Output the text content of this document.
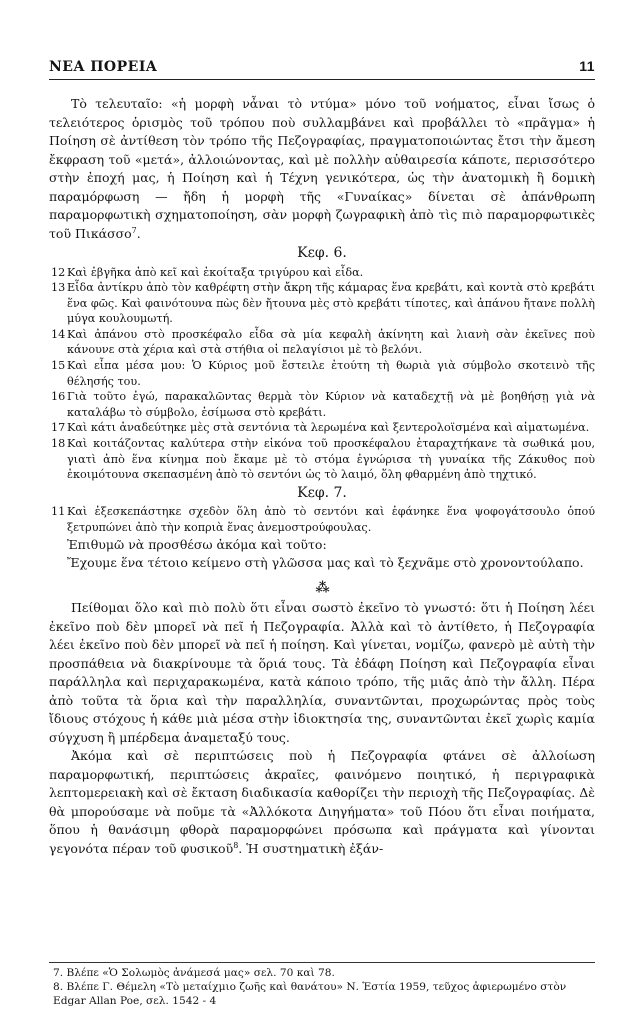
ΝΕΑ ΠΟΡΕΙΑ	11

Τὸ τελευταῖο: «ἡ μορφὴ νἆναι τὸ ντύμα» μόνο τοῦ νοήματος, εἶναι ἴσως ὁ τελειότερος ὁρισμὸς τοῦ τρόπου ποὺ συλλαμβάνει καὶ προβάλλει τὸ «πρᾶγμα» ἡ Ποίηση σὲ ἀντίθεση τὸν τρόπο τῆς Πεζογραφίας, πραγματοποιώντας ἔτσι τὴν ἄμεση ἔκφραση τοῦ «μετά», ἀλλοιώνοντας, καὶ μὲ πολλὴν αὐθαιρεσία κάποτε, περισσότερο στὴν ἐποχή μας, ἡ Ποίηση καὶ ἡ Τέχνη γενικότερα, ὡς τὴν ἀνατομικὴ ἢ δομικὴ παραμόρφωση — ἤδη ἡ μορφὴ τῆς «Γυναίκας» δίνεται σὲ ἀπάνθρωπη παραμορφωτικὴ σχηματοποίηση, σὰν μορφὴ ζωγραφικὴ ἀπὸ τὶς πιὸ παραμορφωτικὲς τοῦ Πικάσσο$^7$.

Κεφ. 6.
12 Καὶ ἐβγῆκα ἀπὸ κεῖ καὶ ἐκοίταξα τριγύρου καὶ εἶδα.
13 Εἶδα ἀντίκρυ ἀπὸ τὸν καθρέφτη στὴν ἄκρη τῆς κάμαρας ἕνα κρεβάτι, καὶ κοντὰ στὸ κρεβάτι ἕνα φῶς. Καὶ φαινότουνα πὼς δὲν ἤτουνα μὲς στὸ κρεβάτι τίποτες, καὶ ἀπάνου ἤτανε πολλὴ μύγα κουλουμωτή.
14 Καὶ ἀπάνου στὸ προσκέφαλο εἶδα σὰ μία κεφαλὴ ἀκίνητη καὶ λιανὴ σὰν ἐκεῖνες ποὺ κάνουνε στὰ χέρια καὶ στὰ στήθια οἱ πελαγίσιοι μὲ τὸ βελόνι.
15 Καὶ εἶπα μέσα μου: Ὁ Κύριος μοῦ ἔστειλε ἐτούτη τὴ θωριὰ γιὰ σύμβολο σκοτεινὸ τῆς θέλησής του.
16 Γιὰ τοῦτο ἐγώ, παρακαλῶντας θερμὰ τὸν Κύριον νὰ καταδεχτῇ νὰ μὲ βοηθήσῃ γιὰ νὰ καταλάβω τὸ σύμβολο, ἐσίμωσα στὸ κρεβάτι.
17 Καὶ κάτι ἀναδεύτηκε μὲς στὰ σεντόνια τὰ λερωμένα καὶ ξεντερολοϊσμένα καὶ αἱματωμένα.
18 Καὶ κοιτάζοντας καλύτερα στὴν εἰκόνα τοῦ προσκέφαλου ἐταραχτήκανε τὰ σωθικά μου, γιατὶ ἀπὸ ἕνα κίνημα ποὺ ἔκαμε μὲ τὸ στόμα ἐγνώρισα τὴ γυναίκα τῆς Ζάκυθος ποὺ ἐκοιμότουνα σκεπασμένη ἀπὸ τὸ σεντόνι ὡς τὸ λαιμό, ὅλη φθαρμένη ἀπὸ τηχτικό.
Κεφ. 7.
11 Καὶ ἐξεσκεπάστηκε σχεδὸν ὅλη ἀπὸ τὸ σεντόνι καὶ ἐφάνηκε ἕνα ψοφογάτσουλο ὁπού ξετρυπώνει ἀπὸ τὴν κοπριὰ ἕνας ἀνεμοστρούφουλας.

Ἐπιθυμῶ νὰ προσθέσω ἀκόμα καὶ τοῦτο:

Ἔχουμε ἕνα τέτοιο κείμενο στὴ γλῶσσα μας καὶ τὸ ξεχνᾶμε στὸ χρονοντούλαπο.

⁂

Πείθομαι ὅλο καὶ πιὸ πολὺ ὅτι εἶναι σωστὸ ἐκεῖνο τὸ γνωστό: ὅτι ἡ Ποίηση λέει ἐκεῖνο ποὺ δὲν μπορεῖ νὰ πεῖ ἡ Πεζογραφία. Ἀλλὰ καὶ τὸ ἀντίθετο, ἡ Πεζογραφία λέει ἐκεῖνο ποὺ δὲν μπορεῖ νὰ πεῖ ἡ ποίηση. Καὶ γίνεται, νομίζω, φανερὸ μὲ αὐτὴ τὴν προσπάθεια νὰ διακρίνουμε τὰ ὅριά τους. Τὰ ἐδάφη Ποίηση καὶ Πεζογραφία εἶναι παράλληλα καὶ περιχαρακωμένα, κατὰ κάποιο τρόπο, τῆς μιᾶς ἀπὸ τὴν ἄλλη. Πέρα ἀπὸ τοῦτα τὰ ὅρια καὶ τὴν παραλληλία, συναντῶνται, προχωρώντας πρὸς τοὺς ἴδιους στόχους ἡ κάθε μιὰ μέσα στὴν ἰδιοκτησία της, συναντῶνται ἐκεῖ χωρὶς καμία σύγχυση ἢ μπέρδεμα ἀναμεταξύ τους.

Ἀκόμα καὶ σὲ περιπτώσεις ποὺ ἡ Πεζογραφία φτάνει σὲ ἀλλοίωση παραμορφωτική, περιπτώσεις ἀκραῖες, φαινόμενο ποιητικό, ἡ περιγραφικὰ λεπτομερειακὴ καὶ σὲ ἔκταση διαδικασία καθορίζει τὴν περιοχὴ τῆς Πεζογραφίας. Δὲ θὰ μπορούσαμε νὰ ποῦμε τὰ «Ἀλλόκοτα Διηγήματα» τοῦ Πόου ὅτι εἶναι ποιήματα, ὅπου ἡ θανάσιμη φθορὰ παραμορφώνει πρόσωπα καὶ πράγματα καὶ γίνονται γεγονότα πέραν τοῦ φυσικοῦ$^8$. Ἡ συστηματικὴ ἐξάν-

7. Βλέπε «Ὁ Σολωμὸς ἀνάμεσά μας» σελ. 70 καὶ 78.

8. Βλέπε Γ. Θέμελη «Τὸ μεταίχμιο ζωῆς καὶ θανάτου» Ν. Ἑστία 1959, τεῦχος ἀφιερωμένο στὸν Edgar Allan Poe, σελ. 1542 - 4
